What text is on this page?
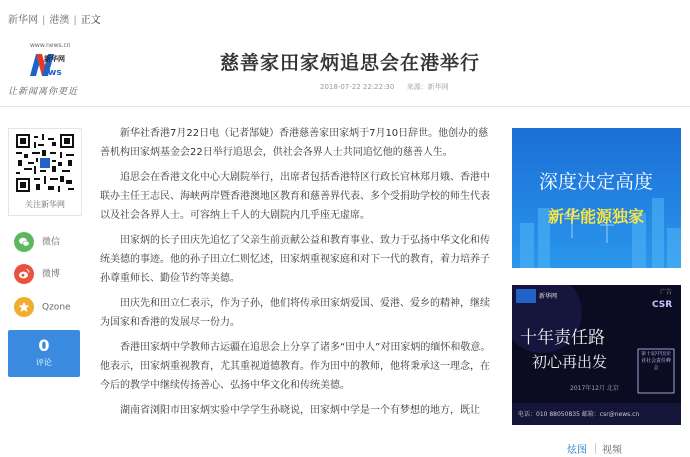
新华网 | 港澳 | 正文
www.news.cn
新华网
ws
让新闻离你更近
慈善家田家炳追思会在港举行
2018-07-22 22:22:30 来源：新华网
关注新华网
微信
微博
Qzone
0
评论

新华社香港7月22日电（记者郜婕）香港慈善家田家炳于7月10日辞世。他创办的慈善机构田家炳基金会22日举行追思会，供社会各界人士共同追忆他的慈善人生。

追思会在香港文化中心大剧院举行，出席者包括香港特区行政长官林郑月娥、香港中联办主任王志民、海峡两岸暨香港澳地区教育和慈善界代表、多个受捐助学校的师生代表以及社会各界人士。可容纳上千人的大剧院内几乎座无虚席。

田家炳的长子田庆先追忆了父亲生前贡献公益和教育事业、致力于弘扬中华文化和传统美德的事迹。他的孙子田立仁则忆述，田家炳重视家庭和对下一代的教育，着力培养子孙尊重师长、勤俭节约等美德。

田庆先和田立仁表示，作为子孙，他们将传承田家炳爱国、爱港、爱乡的精神，继续为国家和香港的发展尽一份力。

香港田家炳中学教师古运疆在追思会上分享了诸多“田中人”对田家炳的缅怀和敬意。他表示，田家炳重视教育，尤其重视道德教育。作为田中的教师，他将秉承这一理念，在今后的教学中继续传扬善心、弘扬中华文化和传统美德。

湖南省浏阳市田家炳实验中学学生孙晓说，田家炳中学是一个有梦想的地方，既让

深度决定高度
新华能源独家
新华网
广告
CSR
十年责任路
初心再出发	第十届中国企业社会责任峰会
2017年12月 北京
电话：010 88050835 邮箱：csr@news.cn
炫图 视频
